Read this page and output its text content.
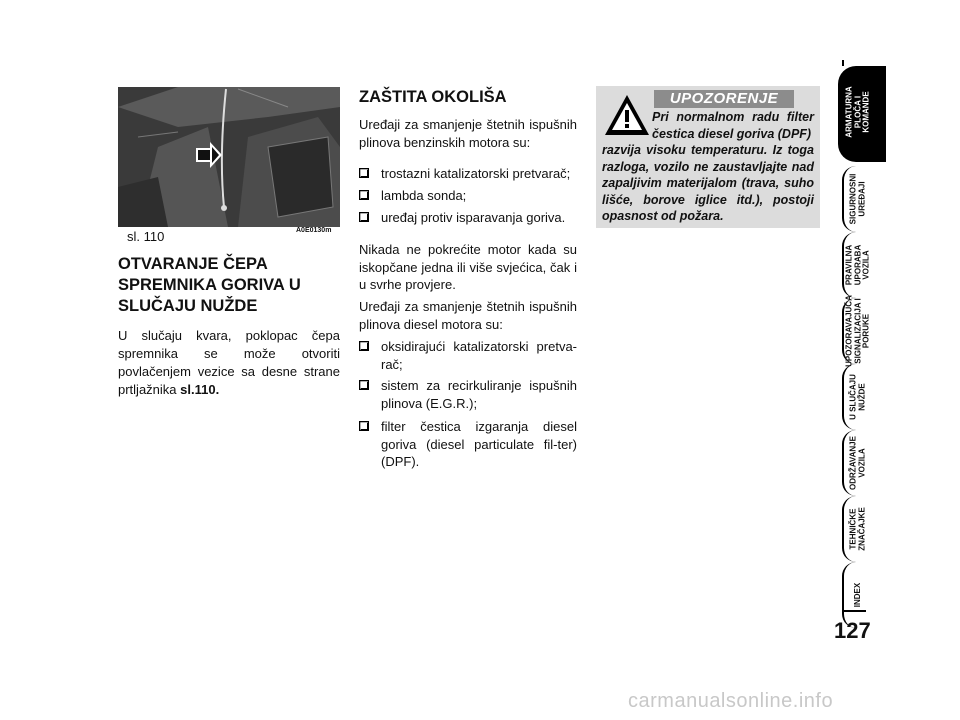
sl. 110	A0E0130m
OTVARANJE ČEPA SPREMNIKA GORIVA U SLUČAJU NUŽDE
U slučaju kvara, poklopac čepa spremnika se može otvoriti povlačenjem vezice sa desne strane prtljažnika sl.110.
ZAŠTITA OKOLIŠA
Uređaji za smanjenje štetnih ispušnih plinova benzinskih motora su:
trostazni katalizatorski pretvarač;
lambda sonda;
uređaj protiv isparavanja goriva.
Nikada ne pokrećite motor kada su iskopčane jedna ili više svjećica, čak i u svrhe provjere.
Uređaji za smanjenje štetnih ispušnih plinova diesel motora su:
oksidirajući katalizatorski pretva-rač;
sistem za recirkuliranje ispušnih plinova (E.G.R.);
filter čestica izgaranja diesel goriva (diesel particulate fil-ter)(DPF).
UPOZORENJE
Pri normalnom radu filter čestica diesel goriva (DPF)
razvija visoku temperaturu. Iz toga razloga, vozilo ne zaustavljajte nad zapaljivim materijalom (trava, suho lišće, borove iglice itd.), postoji opasnost od požara.
ARMATURNA
PLOČA I
KOMANDE
SIGURNOSNI
UREĐAJI
PRAVILNA
UPORABA
VOZILA
UPOZORAVAJUĆA
SIGNALIZACIJA I
PORUKE
U SLUČAJU
NUŽDE
ODRŽAVANJE
VOZILA
TEHNIČKE
ZNAČAJKE
INDEX
127
carmanualsonline.info
